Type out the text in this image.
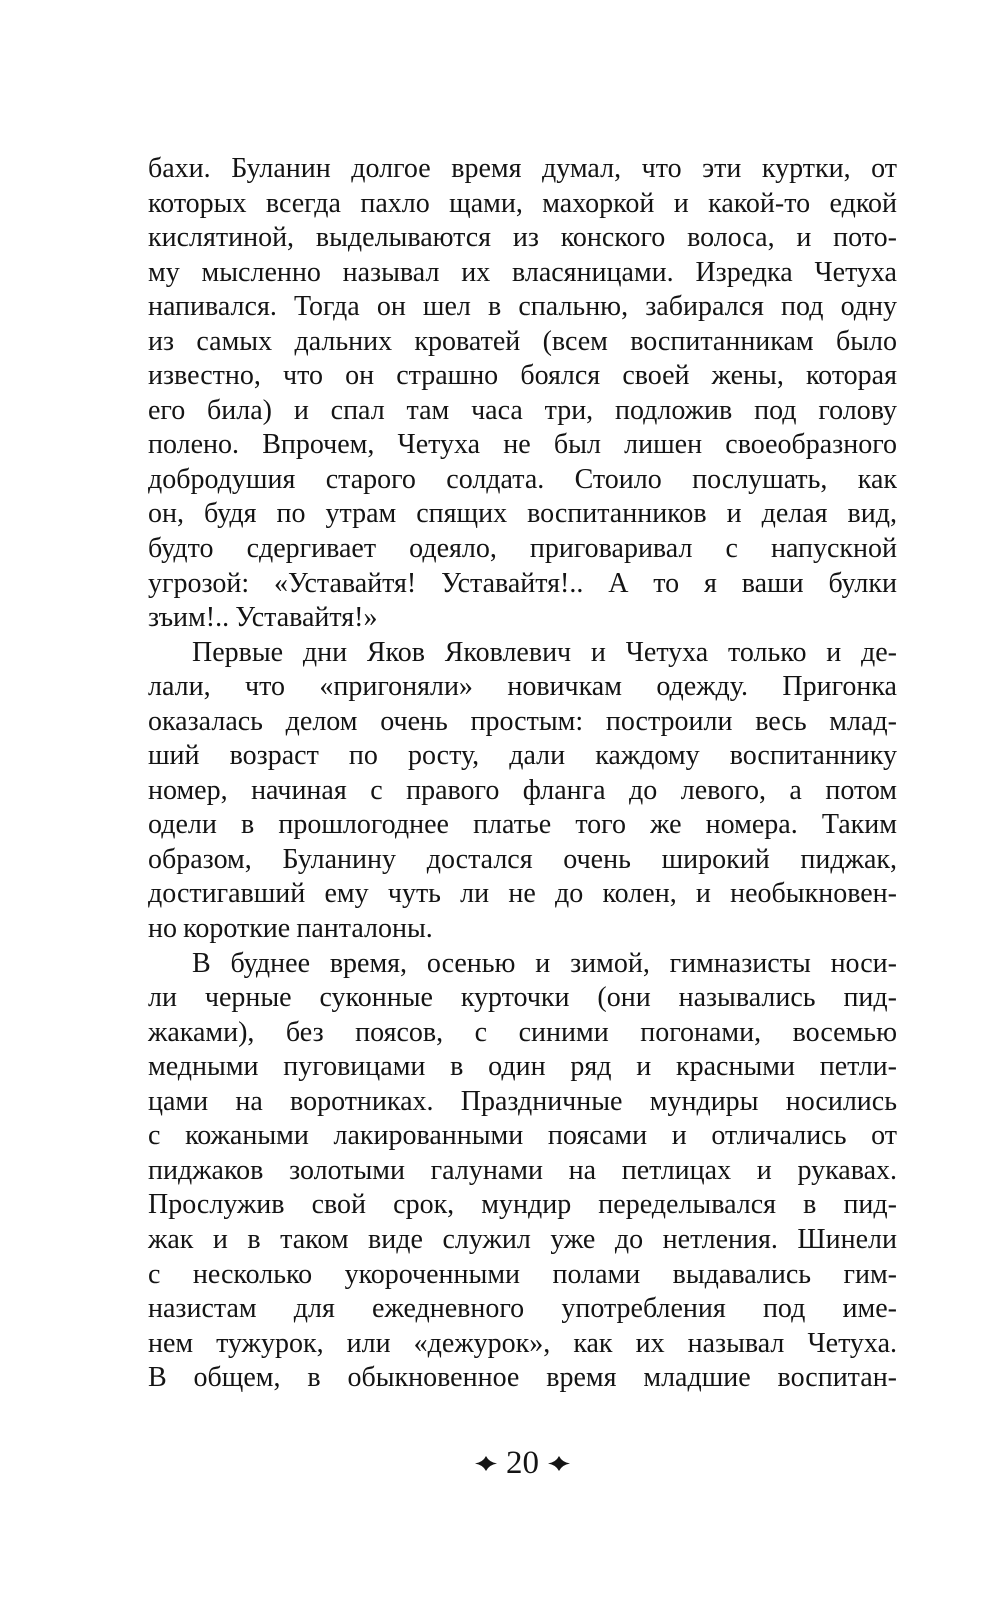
бахи. Буланин долгое время думал, что эти куртки, от
которых всегда пахло щами, махоркой и какой-то едкой
кислятиной, выделываются из конского волоса, и пото-
му мысленно называл их власяницами. Изредка Четуха
напивался. Тогда он шел в спальню, забирался под одну
из самых дальних кроватей (всем воспитанникам было
известно, что он страшно боялся своей жены, которая
его била) и спал там часа три, подложив под голову
полено. Впрочем, Четуха не был лишен своеобразного
добродушия старого солдата. Стоило послушать, как
он, будя по утрам спящих воспитанников и делая вид,
будто сдергивает одеяло, приговаривал с напускной
угрозой: «Уставайтя! Уставайтя!.. А то я ваши булки
зъим!.. Уставайтя!»
Первые дни Яков Яковлевич и Четуха только и де-
лали, что «пригоняли» новичкам одежду. Пригонка
оказалась делом очень простым: построили весь млад-
ший возраст по росту, дали каждому воспитаннику
номер, начиная с правого фланга до левого, а потом
одели в прошлогоднее платье того же номера. Таким
образом, Буланину достался очень широкий пиджак,
достигавший ему чуть ли не до колен, и необыкновен-
но короткие панталоны.
В буднее время, осенью и зимой, гимназисты носи-
ли черные суконные курточки (они назывались пид-
жаками), без поясов, с синими погонами, восемью
медными пуговицами в один ряд и красными петли-
цами на воротниках. Праздничные мундиры носились
с кожаными лакированными поясами и отличались от
пиджаков золотыми галунами на петлицах и рукавах.
Прослужив свой срок, мундир переделывался в пид-
жак и в таком виде служил уже до нетления. Шинели
с несколько укороченными полами выдавались гим-
назистам для ежедневного употребления под име-
нем тужурок, или «дежурок», как их называл Четуха.
В общем, в обыкновенное время младшие воспитан-
20
